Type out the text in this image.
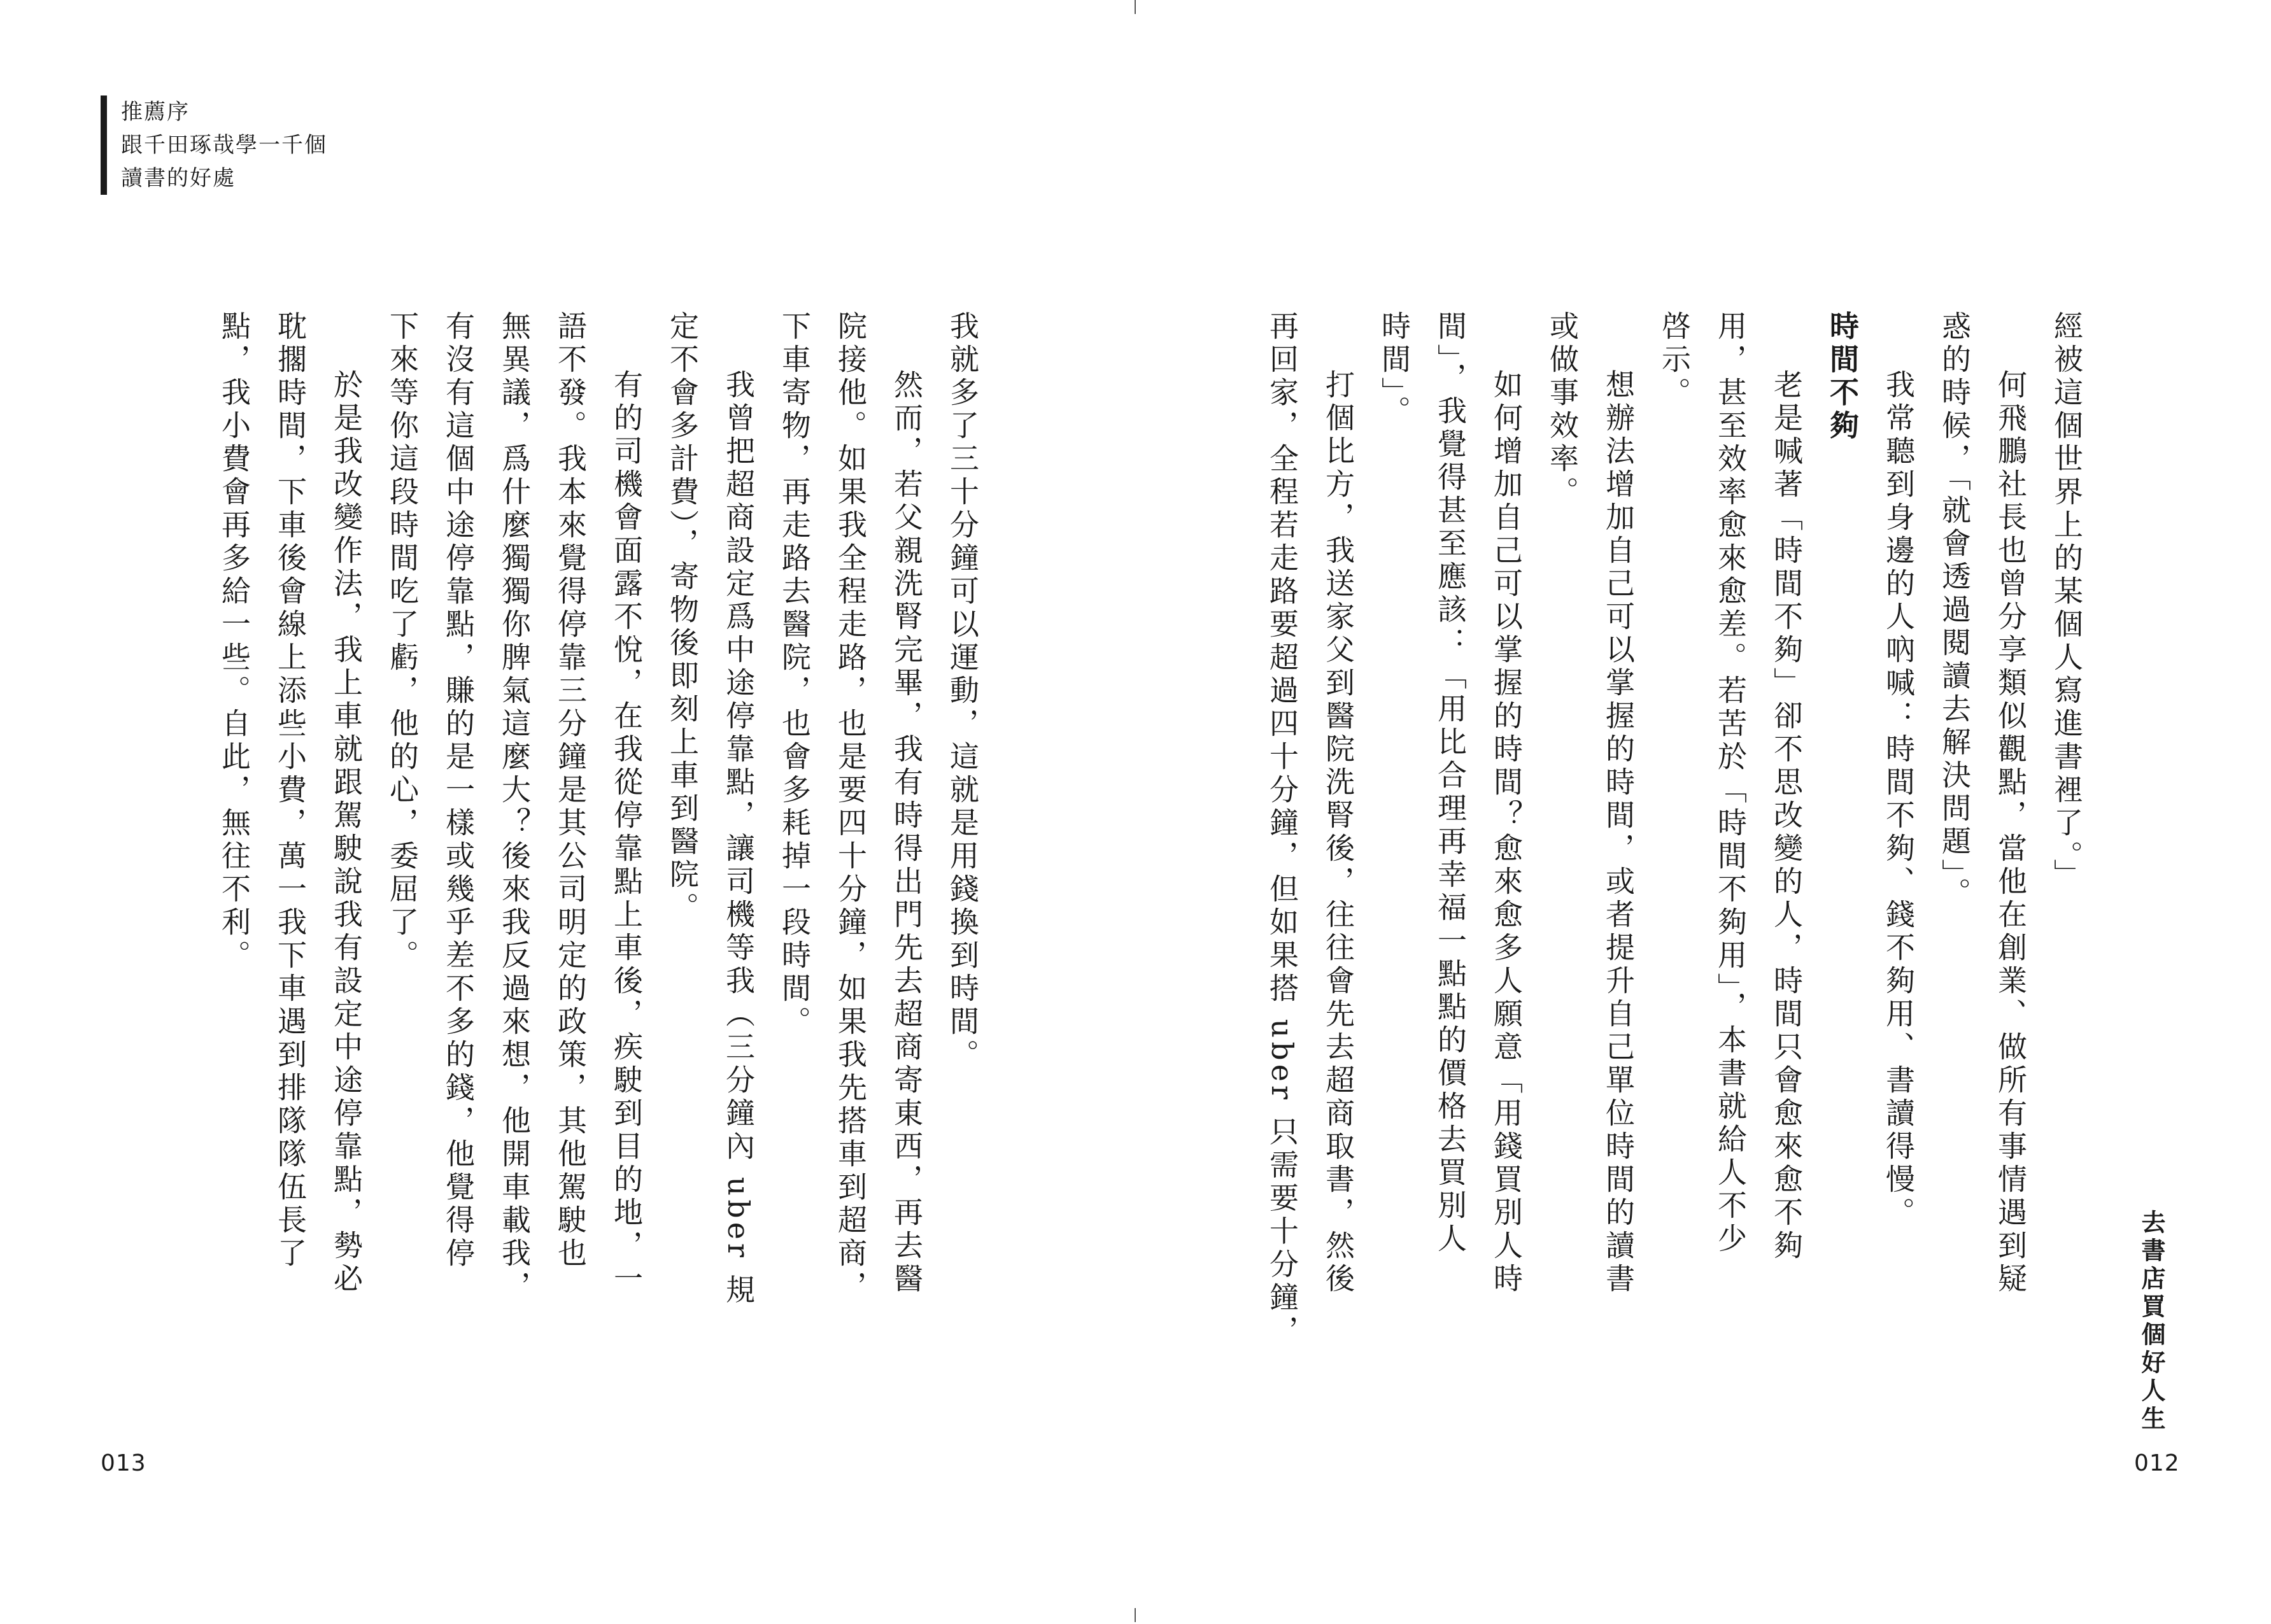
推薦序
跟千田琢哉學一千個
讀書的好處
我就多了三十分鐘可以運動，這就是用錢換到時間。
然而，若父親洗腎完畢，我有時得出門先去超商寄東西，再去醫
院接他。如果我全程走路，也是要四十分鐘，如果我先搭車到超商，
下車寄物，再走路去醫院，也會多耗掉一段時間。
我曾把超商設定爲中途停靠點，讓司機等我（三分鐘內 uber 規
定不會多計費），寄物後即刻上車到醫院。
有的司機會面露不悅，在我從停靠點上車後，疾駛到目的地，一
語不發。我本來覺得停靠三分鐘是其公司明定的政策，其他駕駛也
無異議，爲什麼獨獨你脾氣這麼大？後來我反過來想，他開車載我，
有沒有這個中途停靠點，賺的是一樣或幾乎差不多的錢，他覺得停
下來等你這段時間吃了虧，他的心，委屈了。
於是我改變作法，我上車就跟駕駛說我有設定中途停靠點，勢必
耽擱時間，下車後會線上添些小費，萬一我下車遇到排隊隊伍長了
點，我小費會再多給一些。自此，無往不利。
013
經被這個世界上的某個人寫進書裡了。」
何飛鵬社長也曾分享類似觀點，當他在創業、做所有事情遇到疑
惑的時候，「就會透過閱讀去解決問題」。
我常聽到身邊的人吶喊：時間不夠、錢不夠用、書讀得慢。
時間不夠
老是喊著「時間不夠」卻不思改變的人，時間只會愈來愈不夠
用，甚至效率愈來愈差。若苦於「時間不夠用」，本書就給人不少
啓示。
想辦法增加自己可以掌握的時間，或者提升自己單位時間的讀書
或做事效率。
如何增加自己可以掌握的時間？愈來愈多人願意「用錢買別人時
間」，我覺得甚至應該：「用比合理再幸福一點點的價格去買別人
時間」。
打個比方，我送家父到醫院洗腎後，往往會先去超商取書，然後
再回家，全程若走路要超過四十分鐘，但如果搭 uber 只需要十分鐘，	去書店買個好人生
012
